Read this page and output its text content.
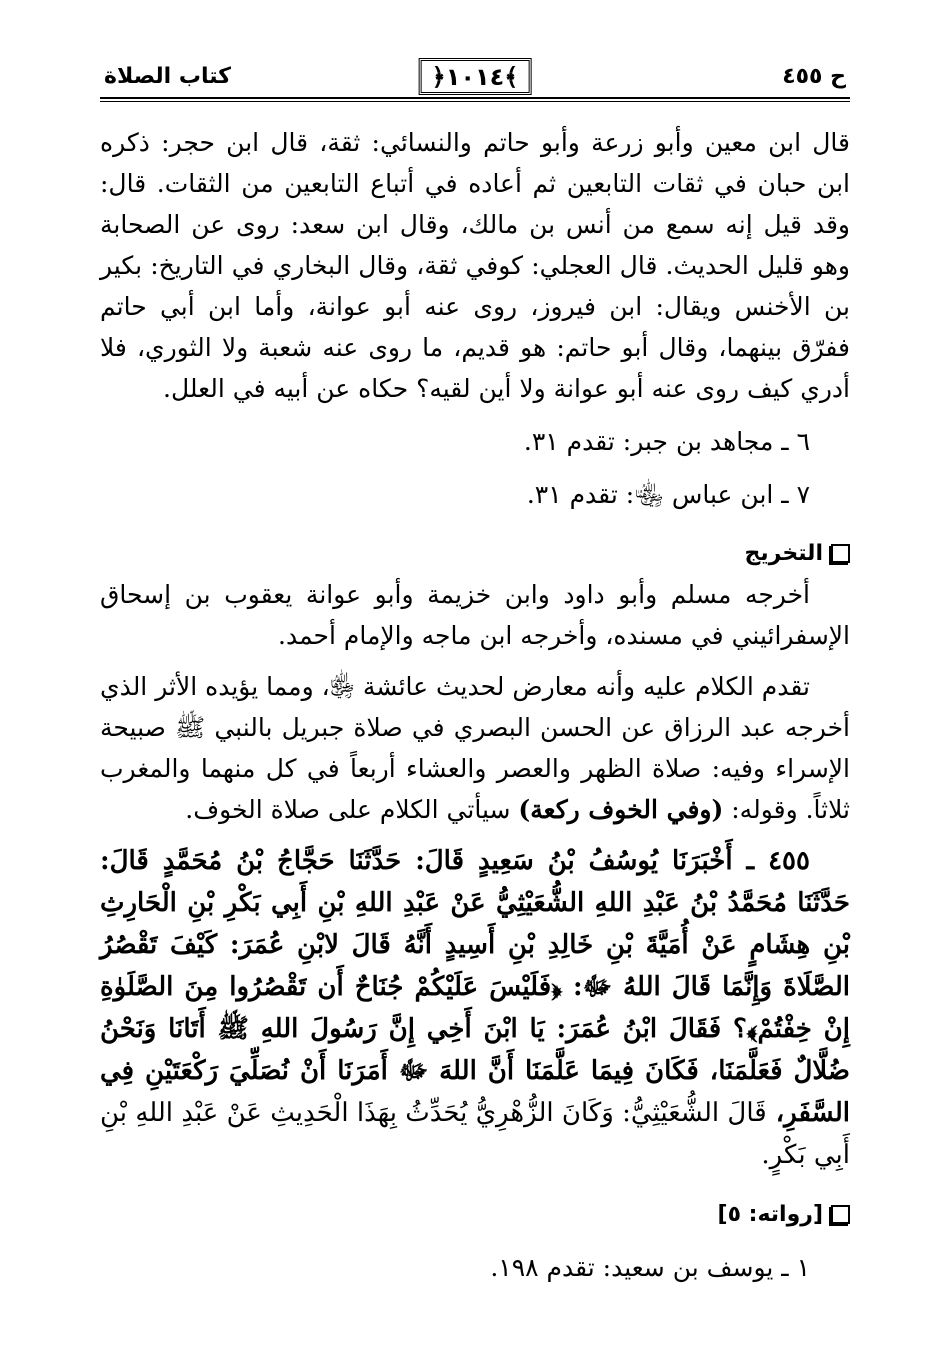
ح ٤٥٥
﴾١٠١٤﴿
كتاب الصلاة

قال ابن معين وأبو زرعة وأبو حاتم والنسائي: ثقة، قال ابن حجر: ذكره ابن حبان في ثقات التابعين ثم أعاده في أتباع التابعين من الثقات. قال: وقد قيل إنه سمع من أنس بن مالك، وقال ابن سعد: روى عن الصحابة وهو قليل الحديث. قال العجلي: كوفي ثقة، وقال البخاري في التاريخ: بكير بن الأخنس ويقال: ابن فيروز، روى عنه أبو عوانة، وأما ابن أبي حاتم ففرّق بينهما، وقال أبو حاتم: هو قديم، ما روى عنه شعبة ولا الثوري، فلا أدري كيف روى عنه أبو عوانة ولا أين لقيه؟ حكاه عن أبيه في العلل.

٦ ـ مجاهد بن جبر: تقدم ٣١.

٧ ـ ابن عباس ﵄: تقدم ٣١.

التخريج

أخرجه مسلم وأبو داود وابن خزيمة وأبو عوانة يعقوب بن إسحاق الإسفرائيني في مسنده، وأخرجه ابن ماجه والإمام أحمد.

تقدم الكلام عليه وأنه معارض لحديث عائشة ﵂، ومما يؤيده الأثر الذي أخرجه عبد الرزاق عن الحسن البصري في صلاة جبريل بالنبي ﷺ صبيحة الإسراء وفيه: صلاة الظهر والعصر والعشاء أربعاً في كل منهما والمغرب ثلاثاً. وقوله: (وفي الخوف ركعة) سيأتي الكلام على صلاة الخوف.

٤٥٥ ـ أَخْبَرَنَا يُوسُفُ بْنُ سَعِيدٍ قَالَ: حَدَّثَنَا حَجَّاجُ بْنُ مُحَمَّدٍ قَالَ: حَدَّثَنَا مُحَمَّدُ بْنُ عَبْدِ اللهِ الشُّعَيْثِيُّ عَنْ عَبْدِ اللهِ بْنِ أَبِي بَكْرِ بْنِ الْحَارِثِ بْنِ هِشَامٍ عَنْ أُمَيَّةَ بْنِ خَالِدِ بْنِ أَسِيدٍ أَنَّهُ قَالَ لابْنِ عُمَرَ: كَيْفَ تَقْصُرُ الصَّلَاةَ وَإِنَّمَا قَالَ اللهُ ﷻ: ﴿فَلَيْسَ عَلَيْكُمْ جُنَاحٌ أَن تَقْصُرُوا مِنَ الصَّلَوٰةِ إِنْ خِفْتُمْ﴾؟ فَقَالَ ابْنُ عُمَرَ: يَا ابْنَ أَخِي إِنَّ رَسُولَ اللهِ ﷺ أَتَانَا وَنَحْنُ ضُلَّالٌ فَعَلَّمَنَا، فَكَانَ فِيمَا عَلَّمَنَا أَنَّ اللهَ ﷻ أَمَرَنَا أَنْ نُصَلِّيَ رَكْعَتَيْنِ فِي السَّفَرِ، قَالَ الشُّعَيْثِيُّ: وَكَانَ الزُّهْرِيُّ يُحَدِّثُ بِهَذَا الْحَدِيثِ عَنْ عَبْدِ اللهِ بْنِ أَبِي بَكْرٍ.

[رواته: ٥]

١ ـ يوسف بن سعيد: تقدم ١٩٨.
